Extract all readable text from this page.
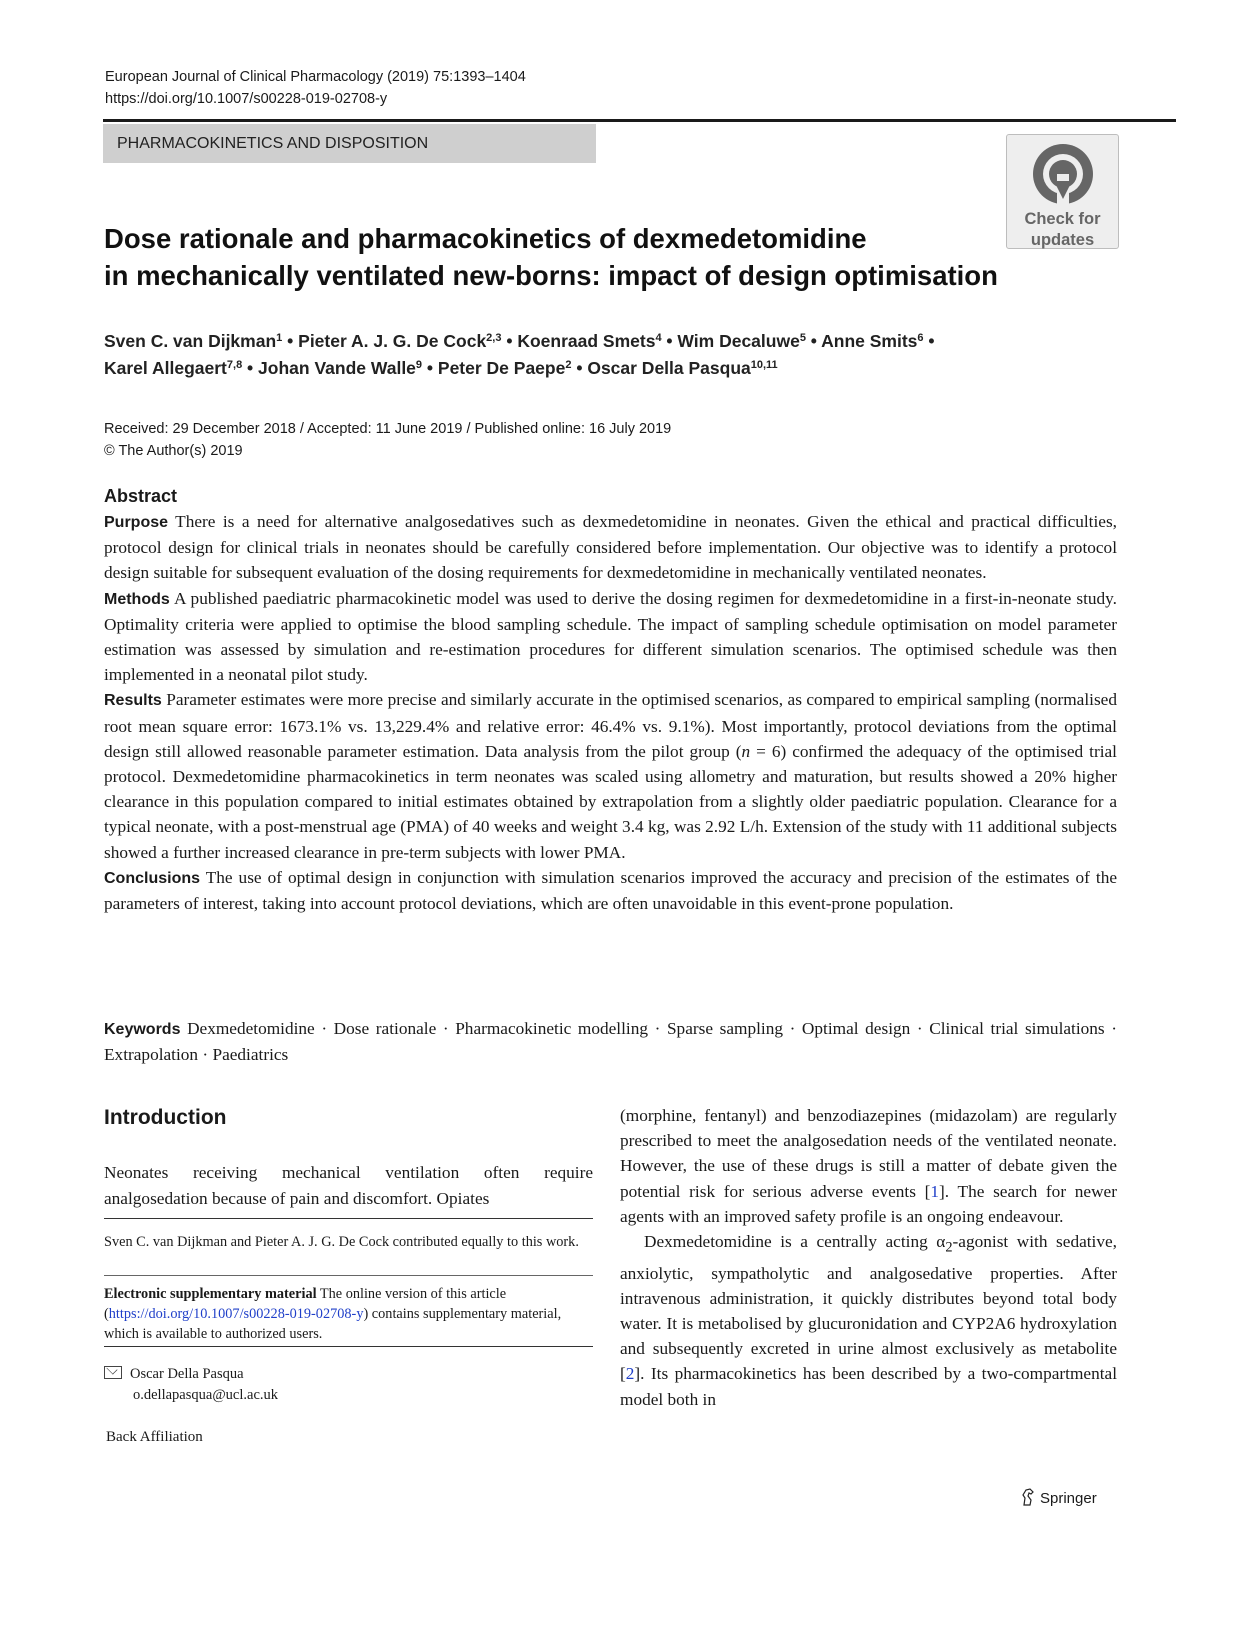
European Journal of Clinical Pharmacology (2019) 75:1393–1404
https://doi.org/10.1007/s00228-019-02708-y
PHARMACOKINETICS AND DISPOSITION
Check for
updates
Dose rationale and pharmacokinetics of dexmedetomidine
in mechanically ventilated new-borns: impact of design optimisation
Sven C. van Dijkman$^1$ • Pieter A. J. G. De Cock$^{2,3}$ • Koenraad Smets$^4$ • Wim Decaluwe$^5$ • Anne Smits$^6$ •
Karel Allegaert$^{7,8}$ • Johan Vande Walle$^9$ • Peter De Paepe$^2$ • Oscar Della Pasqua$^{10,11}$
Received: 29 December 2018 / Accepted: 11 June 2019 / Published online: 16 July 2019
© The Author(s) 2019
Abstract

Purpose There is a need for alternative analgosedatives such as dexmedetomidine in neonates. Given the ethical and practical difficulties, protocol design for clinical trials in neonates should be carefully considered before implementation. Our objective was to identify a protocol design suitable for subsequent evaluation of the dosing requirements for dexmedetomidine in mechanically ventilated neonates.

Methods A published paediatric pharmacokinetic model was used to derive the dosing regimen for dexmedetomidine in a first-in-neonate study. Optimality criteria were applied to optimise the blood sampling schedule. The impact of sampling schedule optimisation on model parameter estimation was assessed by simulation and re-estimation procedures for different simulation scenarios. The optimised schedule was then implemented in a neonatal pilot study.

Results Parameter estimates were more precise and similarly accurate in the optimised scenarios, as compared to empirical sampling (normalised root mean square error: 1673.1% vs. 13,229.4% and relative error: 46.4% vs. 9.1%). Most importantly, protocol deviations from the optimal design still allowed reasonable parameter estimation. Data analysis from the pilot group (n = 6) confirmed the adequacy of the optimised trial protocol. Dexmedetomidine pharmacokinetics in term neonates was scaled using allometry and maturation, but results showed a 20% higher clearance in this population compared to initial estimates obtained by extrapolation from a slightly older paediatric population. Clearance for a typical neonate, with a post-menstrual age (PMA) of 40 weeks and weight 3.4 kg, was 2.92 L/h. Extension of the study with 11 additional subjects showed a further increased clearance in pre-term subjects with lower PMA.

Conclusions The use of optimal design in conjunction with simulation scenarios improved the accuracy and precision of the estimates of the parameters of interest, taking into account protocol deviations, which are often unavoidable in this event-prone population.

Keywords Dexmedetomidine · Dose rationale · Pharmacokinetic modelling · Sparse sampling · Optimal design · Clinical trial simulations · Extrapolation · Paediatrics
Introduction
Neonates receiving mechanical ventilation often require analgosedation because of pain and discomfort. Opiates
Sven C. van Dijkman and Pieter A. J. G. De Cock contributed equally to this work.
Electronic supplementary material The online version of this article (https://doi.org/10.1007/s00228-019-02708-y) contains supplementary material, which is available to authorized users.
Oscar Della Pasqua
o.dellapasqua@ucl.ac.uk
Back Affiliation

(morphine, fentanyl) and benzodiazepines (midazolam) are regularly prescribed to meet the analgosedation needs of the ventilated neonate. However, the use of these drugs is still a matter of debate given the potential risk for serious adverse events [1]. The search for newer agents with an improved safety profile is an ongoing endeavour.

Dexmedetomidine is a centrally acting $\alpha_2$-agonist with sedative, anxiolytic, sympatholytic and analgosedative properties. After intravenous administration, it quickly distributes beyond total body water. It is metabolised by glucuronidation and CYP2A6 hydroxylation and subsequently excreted in urine almost exclusively as metabolite [2]. Its pharmacokinetics has been described by a two-compartmental model both in

Springer
